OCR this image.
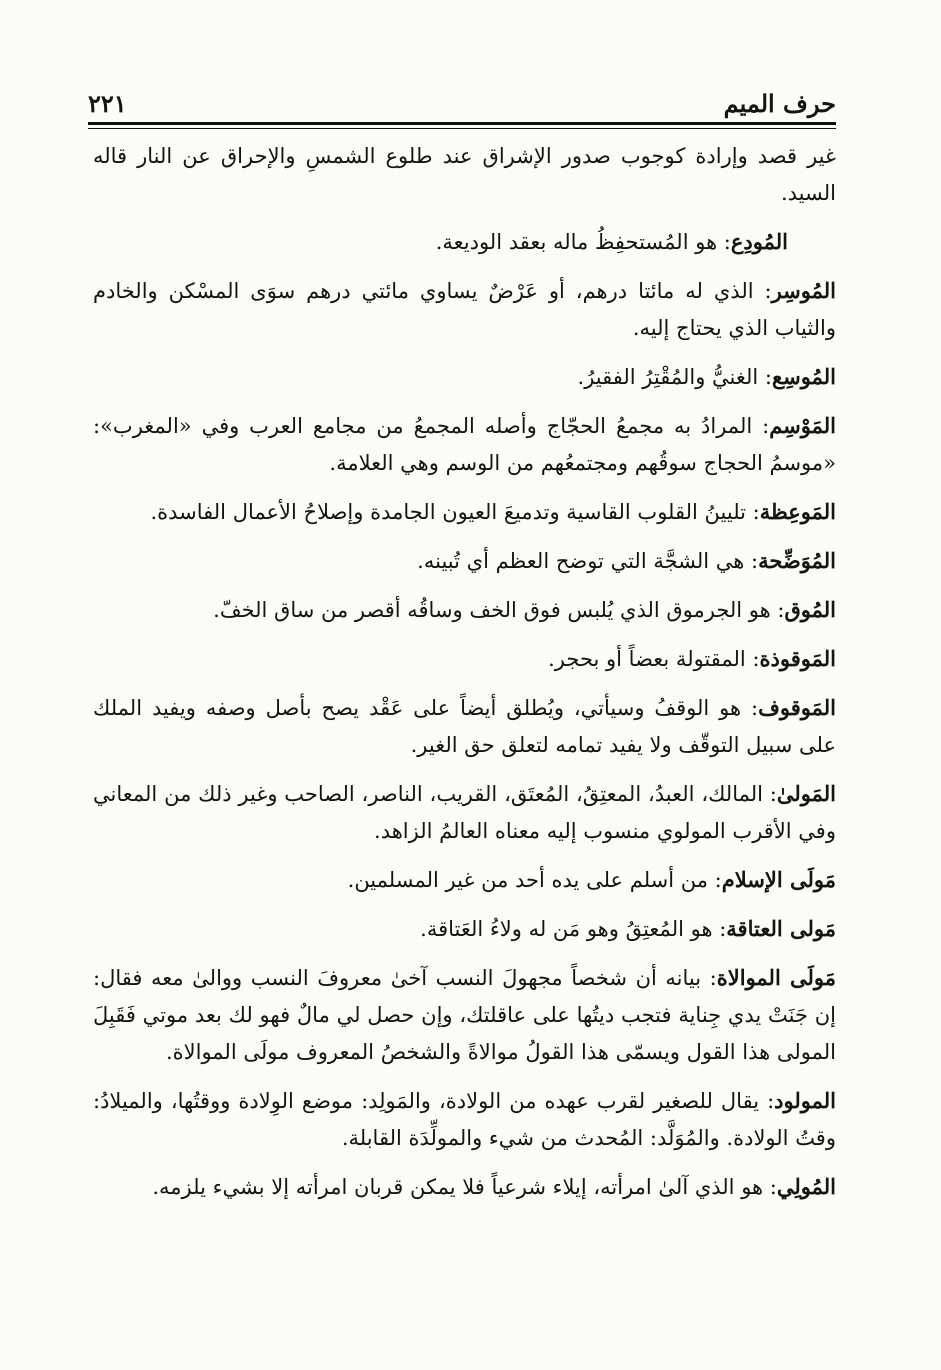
حرف الميم
٢٢١

غير قصد وإرادة كوجوب صدور الإشراق عند طلوع الشمسِ والإحراق عن النار قاله السيد.

المُودِع: هو المُستحفِظُ ماله بعقد الوديعة.

المُوسِر: الذي له مائتا درهم، أو عَرْضٌ يساوي مائتي درهم سوَى المسْكن والخادم والثياب الذي يحتاج إليه.

المُوسِع: الغنيُّ والمُقْتِرُ الفقيرُ.

المَوْسِم: المرادُ به مجمعُ الحجّاج وأصله المجمعُ من مجامع العرب وفي «المغرب»: «موسمُ الحجاج سوقُهم ومجتمعُهم من الوسم وهي العلامة.

المَوعِظة: تليينُ القلوب القاسية وتدميعَ العيون الجامدة وإصلاحُ الأعمال الفاسدة.

المُوَضِّحة: هي الشجَّة التي توضح العظم أي تُبينه.

المُوق: هو الجرموق الذي يُلبس فوق الخف وساقُه أقصر من ساق الخفّ.

المَوقوذة: المقتولة بعضاً أو بحجر.

المَوقوف: هو الوقفُ وسيأتي، ويُطلق أيضاً على عَقْد يصح بأصل وصفه ويفيد الملك على سبيل التوقّف ولا يفيد تمامه لتعلق حق الغير.

المَولىٰ: المالك، العبدُ، المعتِقُ، المُعتَق، القريب، الناصر، الصاحب وغير ذلك من المعاني وفي الأقرب المولوي منسوب إليه معناه العالمُ الزاهد.

مَولَى الإسلام: من أسلم على يده أحد من غير المسلمين.

مَولى العتاقة: هو المُعتِقُ وهو مَن له ولاءُ العَتاقة.

مَولَى الموالاة: بيانه أن شخصاً مجهولَ النسب آخىٰ معروفَ النسب ووالىٰ معه فقال: إن جَنَتْ يدي جِناية فتجب ديتُها على عاقلتك، وإن حصل لي مالٌ فهو لك بعد موتي فَقَبِلَ المولى هذا القول ويسمّى هذا القولُ موالاةً والشخصُ المعروف مولَى الموالاة.

المولود: يقال للصغير لقرب عهده من الولادة، والمَولِد: موضع الوِلادة ووقتُها، والميلادُ: وقتُ الولادة. والمُوَلَّد: المُحدث من شيء والمولِّدَة القابلة.

المُولِي: هو الذي آلىٰ امرأته، إيلاء شرعياً فلا يمكن قربان امرأته إلا بشيء يلزمه.
